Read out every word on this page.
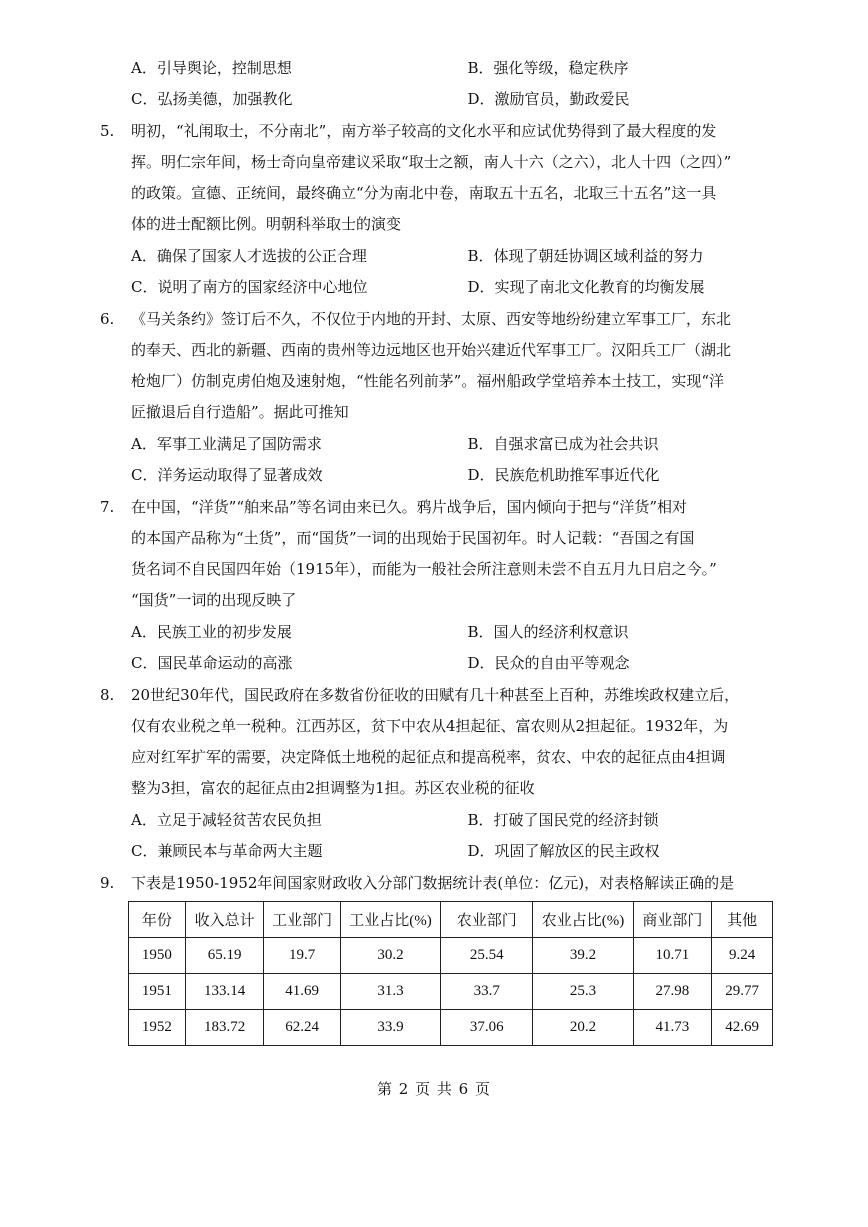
A．引导舆论，控制思想	B．强化等级，稳定秩序
C．弘扬美德，加强教化	D．激励官员，勤政爱民
5. 明初，“礼闱取士，不分南北”，南方举子较高的文化水平和应试优势得到了最大程度的发
挥。明仁宗年间，杨士奇向皇帝建议采取“取士之额，南人十六（之六），北人十四（之四）”
的政策。宣德、正统间，最终确立“分为南北中卷，南取五十五名，北取三十五名”这一具
体的进士配额比例。明朝科举取士的演变
A．确保了国家人才选拔的公正合理	B．体现了朝廷协调区域利益的努力
C．说明了南方的国家经济中心地位	D．实现了南北文化教育的均衡发展
6. 《马关条约》签订后不久，不仅位于内地的开封、太原、西安等地纷纷建立军事工厂，东北
的奉天、西北的新疆、西南的贵州等边远地区也开始兴建近代军事工厂。汉阳兵工厂（湖北
枪炮厂）仿制克虏伯炮及速射炮，“性能名列前茅”。福州船政学堂培养本土技工，实现“洋
匠撤退后自行造船”。据此可推知
A．军事工业满足了国防需求	B．自强求富已成为社会共识
C．洋务运动取得了显著成效	D．民族危机助推军事近代化
7. 在中国，“洋货”“舶来品”等名词由来已久。鸦片战争后，国内倾向于把与“洋货”相对
的本国产品称为“土货”，而“国货”一词的出现始于民国初年。时人记载：“吾国之有国
货名词不自民国四年始（1915年），而能为一般社会所注意则未尝不自五月九日启之今。”
“国货”一词的出现反映了
A．民族工业的初步发展	B．国人的经济利权意识
C．国民革命运动的高涨	D．民众的自由平等观念
8. 20世纪30年代，国民政府在多数省份征收的田赋有几十种甚至上百种，苏维埃政权建立后，
仅有农业税之单一税种。江西苏区，贫下中农从4担起征、富农则从2担起征。1932年，为
应对红军扩军的需要，决定降低土地税的起征点和提高税率，贫农、中农的起征点由4担调
整为3担，富农的起征点由2担调整为1担。苏区农业税的征收
A．立足于减轻贫苦农民负担	B．打破了国民党的经济封锁
C．兼顾民本与革命两大主题	D．巩固了解放区的民主政权
9. 下表是1950-1952年间国家财政收入分部门数据统计表(单位：亿元)，对表格解读正确的是
年份	收入总计	工业部门	工业占比(%)	农业部门	农业占比(%)	商业部门	其他
1950	65.19	19.7	30.2	25.54	39.2	10.71	9.24
1951	133.14	41.69	31.3	33.7	25.3	27.98	29.77
1952	183.72	62.24	33.9	37.06	20.2	41.73	42.69
第 2 页 共 6 页
